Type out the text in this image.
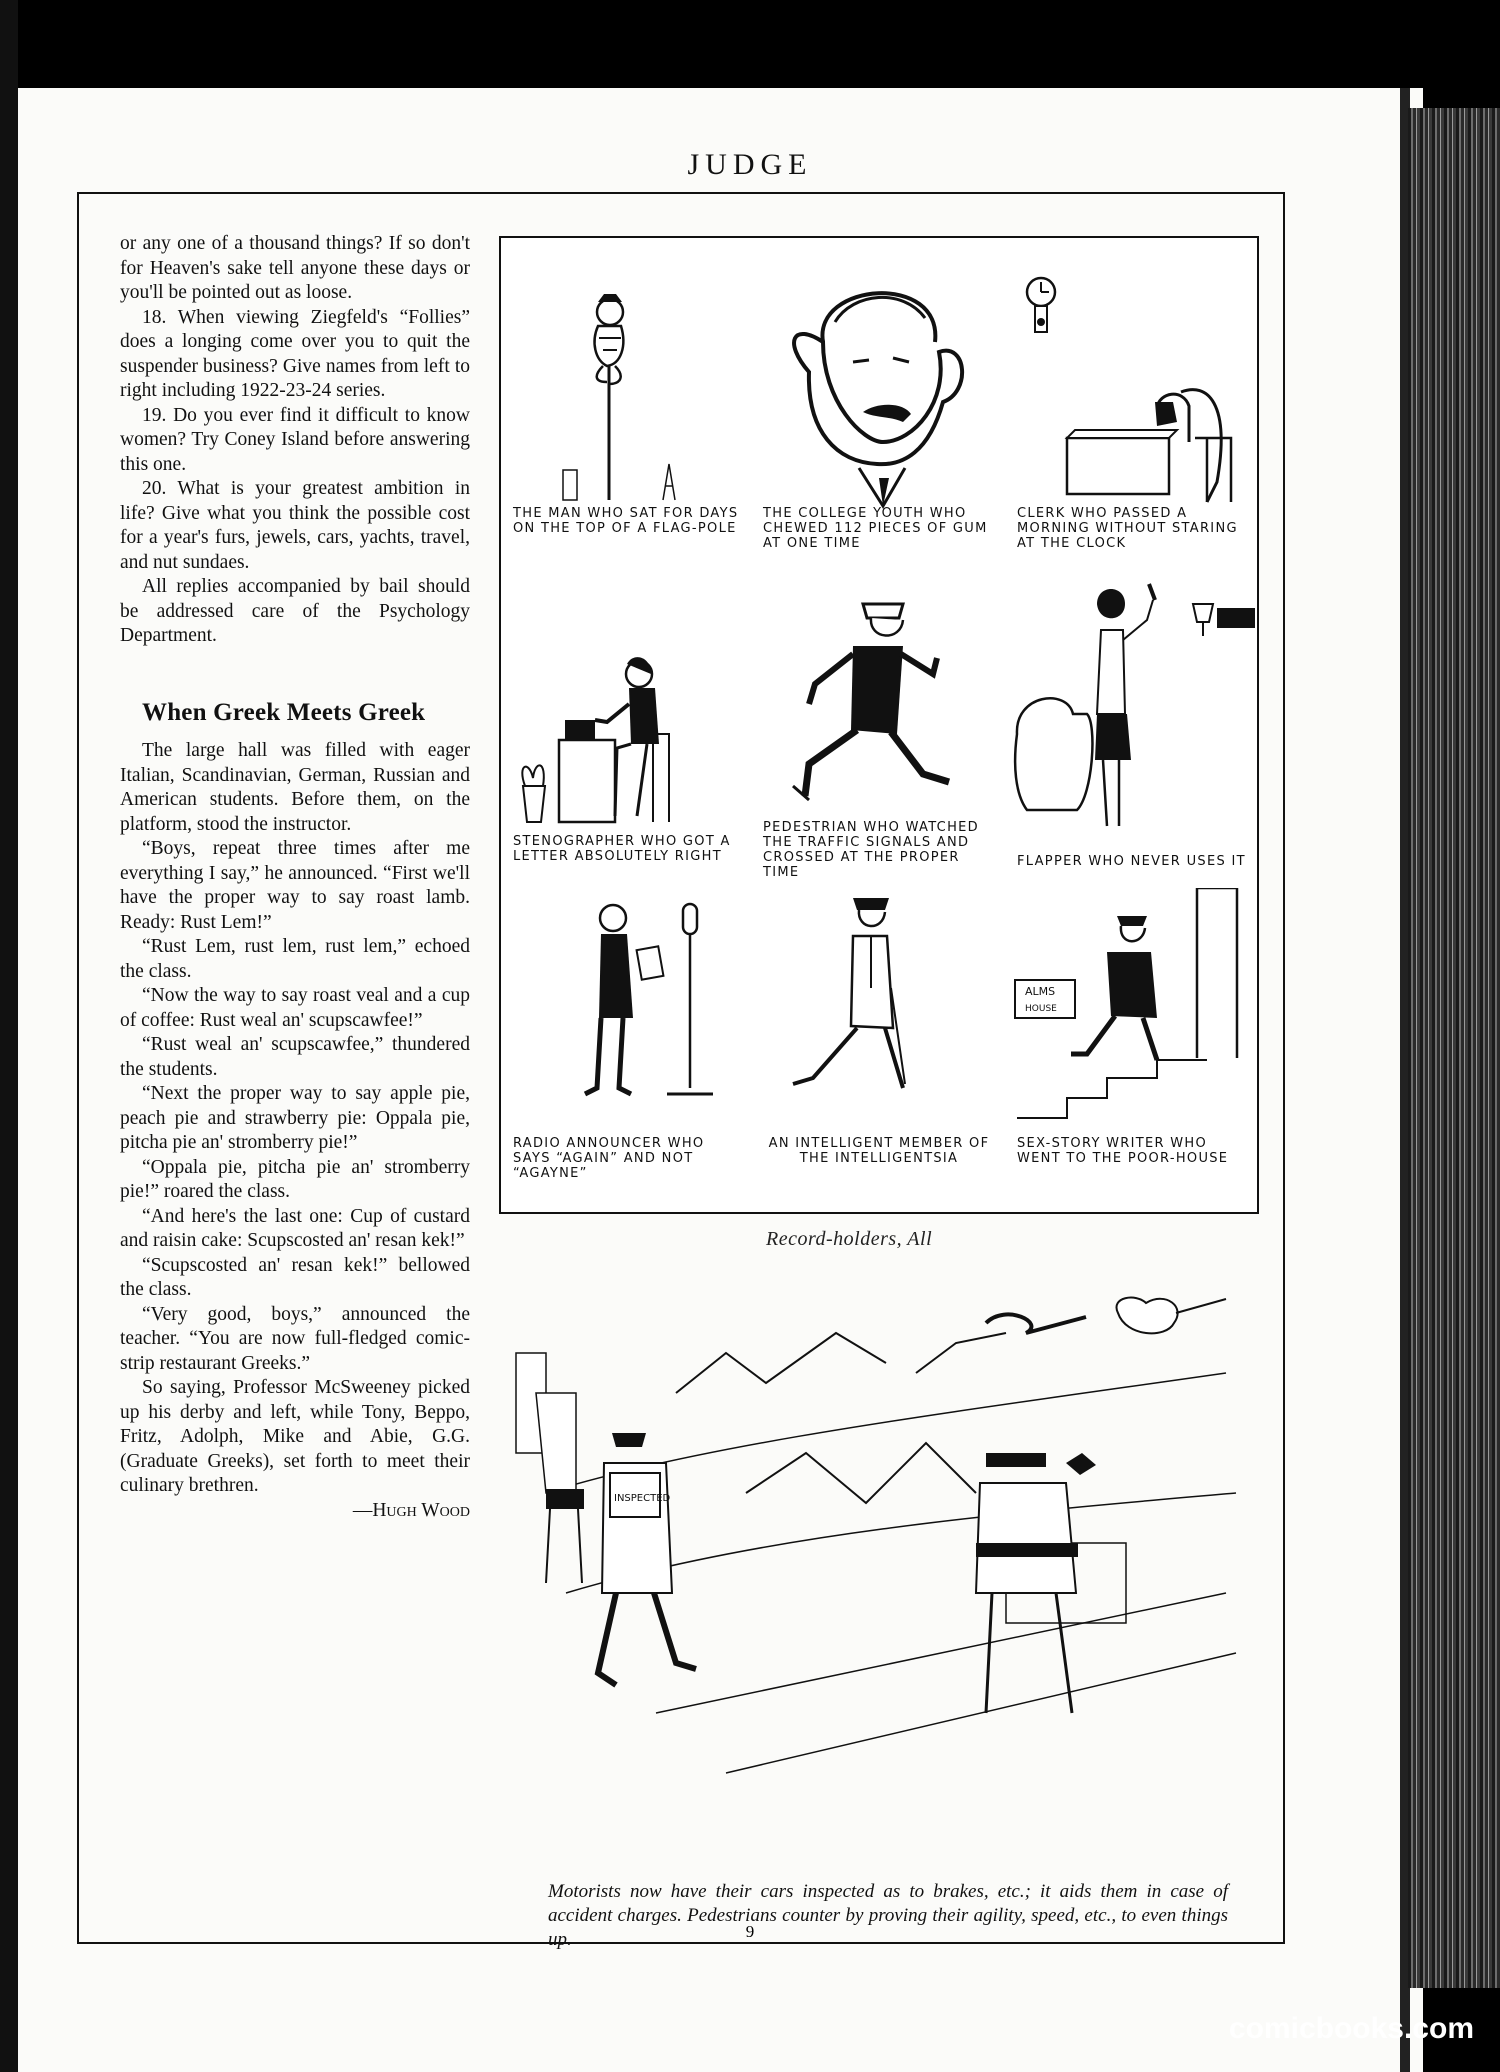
JUDGE

or any one of a thousand things? If so don't for Heaven's sake tell anyone these days or you'll be pointed out as loose.

18. When viewing Ziegfeld's “Follies” does a longing come over you to quit the suspender business? Give names from left to right including 1922-23-24 series.

19. Do you ever find it difficult to know women? Try Coney Island before answering this one.

20. What is your greatest ambition in life? Give what you think the possible cost for a year's furs, jewels, cars, yachts, travel, and nut sundaes.

All replies accompanied by bail should be addressed care of the Psychology Department.

When Greek Meets Greek

The large hall was filled with eager Italian, Scandinavian, German, Russian and American students. Before them, on the platform, stood the instructor.

“Boys, repeat three times after me everything I say,” he announced. “First we'll have the proper way to say roast lamb. Ready: Rust Lem!”

“Rust Lem, rust lem, rust lem,” echoed the class.

“Now the way to say roast veal and a cup of coffee: Rust weal an' scupscawfee!”

“Rust weal an' scupscawfee,” thundered the students.

“Next the proper way to say apple pie, peach pie and strawberry pie: Oppala pie, pitcha pie an' stromberry pie!”

“Oppala pie, pitcha pie an' stromberry pie!” roared the class.

“And here's the last one: Cup of custard and raisin cake: Scupscosted an' resan kek!”

“Scupscosted an' resan kek!” bellowed the class.

“Very good, boys,” announced the teacher. “You are now full-fledged comic-strip restaurant Greeks.”

So saying, Professor McSweeney picked up his derby and left, while Tony, Beppo, Fritz, Adolph, Mike and Abie, G.G. (Graduate Greeks), set forth to meet their culinary brethren.

—Hugh Wood

THE MAN WHO SAT FOR DAYS ON THE TOP OF A FLAG-POLE
THE COLLEGE YOUTH WHO CHEWED 112 PIECES OF GUM AT ONE TIME
CLERK WHO PASSED A MORNING WITHOUT STARING AT THE CLOCK
STENOGRAPHER WHO GOT A LETTER ABSOLUTELY RIGHT
PEDESTRIAN WHO WATCHED THE TRAFFIC SIGNALS AND CROSSED AT THE PROPER TIME
FLAPPER WHO NEVER USES IT
RADIO ANNOUNCER WHO SAYS “AGAIN” AND NOT “AGAYNE”
AN INTELLIGENT MEMBER OF THE INTELLIGENTSIA
ALMS
HOUSE
SEX-STORY WRITER WHO WENT TO THE POOR-HOUSE
Record-holders, All
INSPECTED
Motorists now have their cars inspected as to brakes, etc.; it aids them in case of accident charges. Pedestrians counter by proving their agility, speed, etc., to even things up.	9
comicbooks.com
